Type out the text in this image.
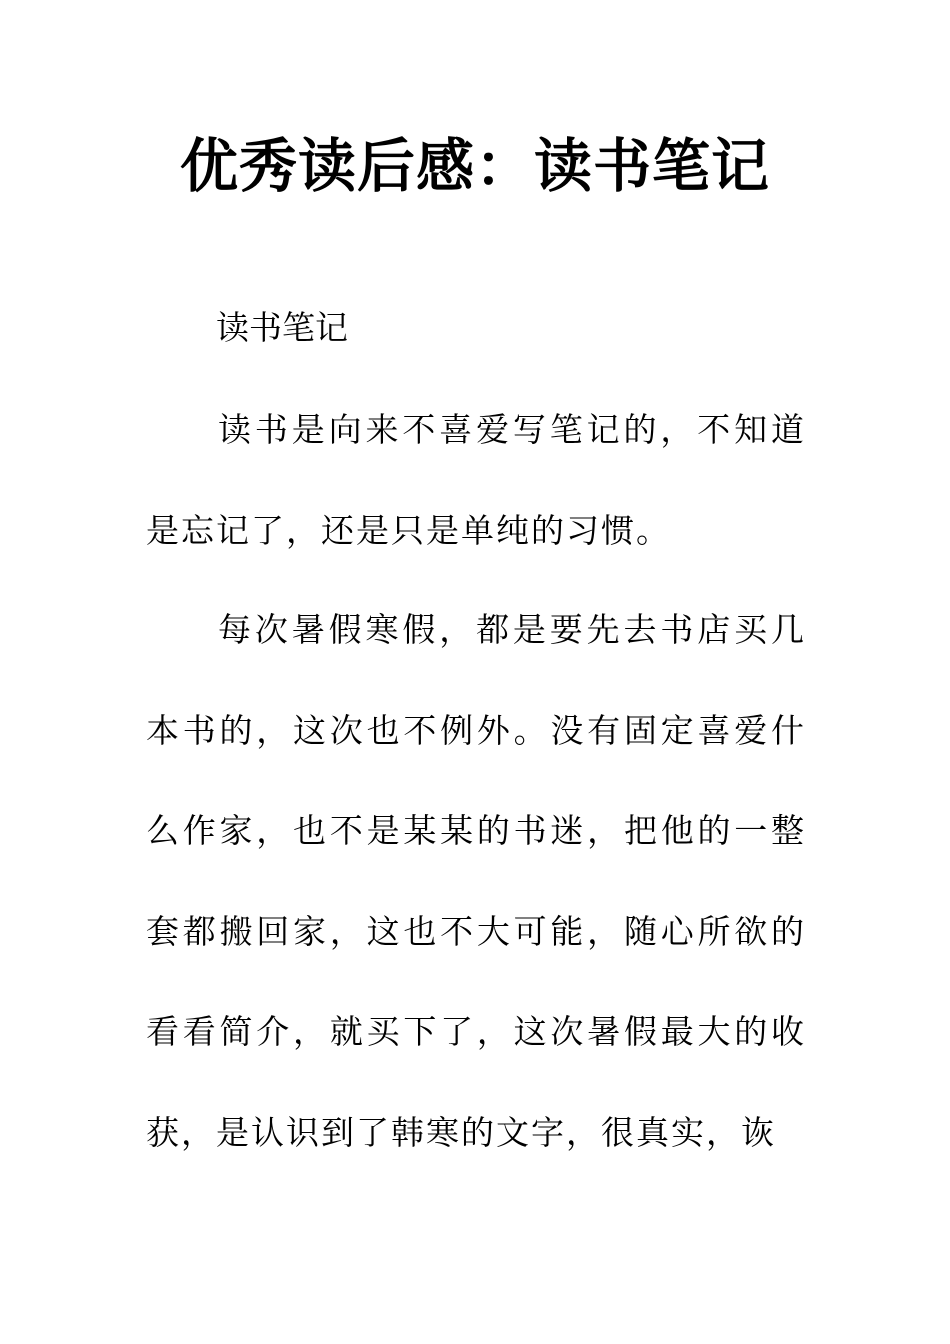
优秀读后感：读书笔记

读书笔记

读书是向来不喜爱写笔记的，不知道是忘记了，还是只是单纯的习惯。

每次暑假寒假，都是要先去书店买几本书的，这次也不例外。没有固定喜爱什么作家，也不是某某的书迷，把他的一整套都搬回家，这也不大可能，随心所欲的看看简介，就买下了，这次暑假最大的收获，是认识到了韩寒的文字，很真实，诙
